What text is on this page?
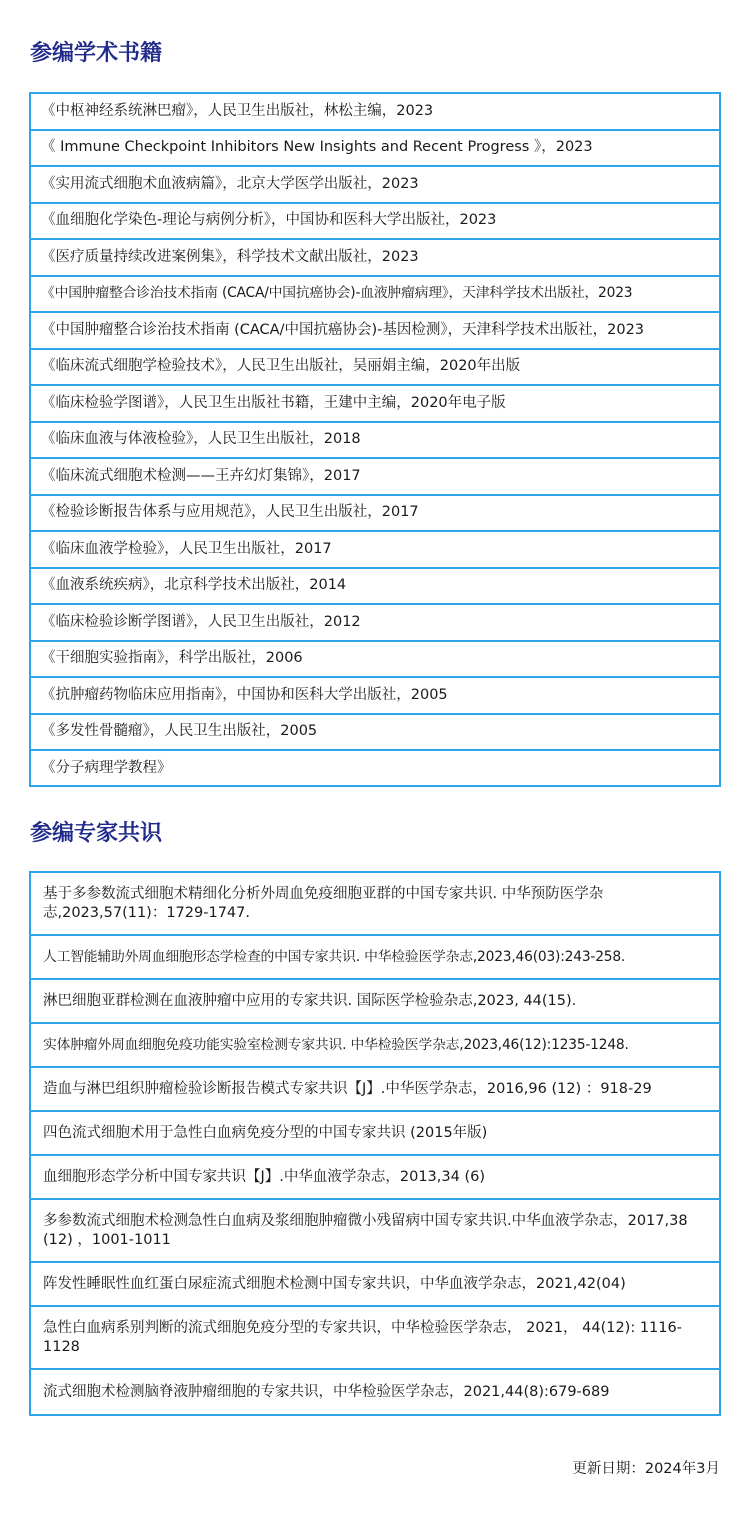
参编学术书籍
《中枢神经系统淋巴瘤》，人民卫生出版社，林松主编，2023
《 Immune Checkpoint Inhibitors New Insights and Recent Progress 》，2023
《实用流式细胞术血液病篇》，北京大学医学出版社，2023
《血细胞化学染色-理论与病例分析》，中国协和医科大学出版社，2023
《医疗质量持续改进案例集》，科学技术文献出版社，2023
《中国肿瘤整合诊治技术指南 (CACA/中国抗癌协会)-血液肿瘤病理》，天津科学技术出版社，2023
《中国肿瘤整合诊治技术指南 (CACA/中国抗癌协会)-基因检测》，天津科学技术出版社，2023
《临床流式细胞学检验技术》，人民卫生出版社，吴丽娟主编，2020年出版
《临床检验学图谱》，人民卫生出版社书籍，王建中主编，2020年电子版
《临床血液与体液检验》，人民卫生出版社，2018
《临床流式细胞术检测——王卉幻灯集锦》，2017
《检验诊断报告体系与应用规范》，人民卫生出版社，2017
《临床血液学检验》，人民卫生出版社，2017
《血液系统疾病》，北京科学技术出版社，2014
《临床检验诊断学图谱》，人民卫生出版社，2012
《干细胞实验指南》，科学出版社，2006
《抗肿瘤药物临床应用指南》，中国协和医科大学出版社，2005
《多发性骨髓瘤》，人民卫生出版社，2005
《分子病理学教程》
参编专家共识
基于多参数流式细胞术精细化分析外周血免疫细胞亚群的中国专家共识. 中华预防医学杂志,2023,57(11)：1729-1747.
人工智能辅助外周血细胞形态学检查的中国专家共识. 中华检验医学杂志,2023,46(03):243-258.
淋巴细胞亚群检测在血液肿瘤中应用的专家共识. 国际医学检验杂志,2023, 44(15).
实体肿瘤外周血细胞免疫功能实验室检测专家共识. 中华检验医学杂志,2023,46(12):1235-1248.
造血与淋巴组织肿瘤检验诊断报告模式专家共识【J】.中华医学杂志，2016,96 (12) ：918-29
四色流式细胞术用于急性白血病免疫分型的中国专家共识 (2015年版)
血细胞形态学分析中国专家共识【J】.中华血液学杂志，2013,34 (6)
多参数流式细胞术检测急性白血病及浆细胞肿瘤微小残留病中国专家共识.中华血液学杂志，2017,38 (12) ，1001-1011
阵发性睡眠性血红蛋白尿症流式细胞术检测中国专家共识，中华血液学杂志，2021,42(04)
急性白血病系别判断的流式细胞免疫分型的专家共识，中华检验医学杂志， 2021， 44(12): 1116-1128
流式细胞术检测脑脊液肿瘤细胞的专家共识，中华检验医学杂志，2021,44(8):679-689
更新日期：2024年3月
